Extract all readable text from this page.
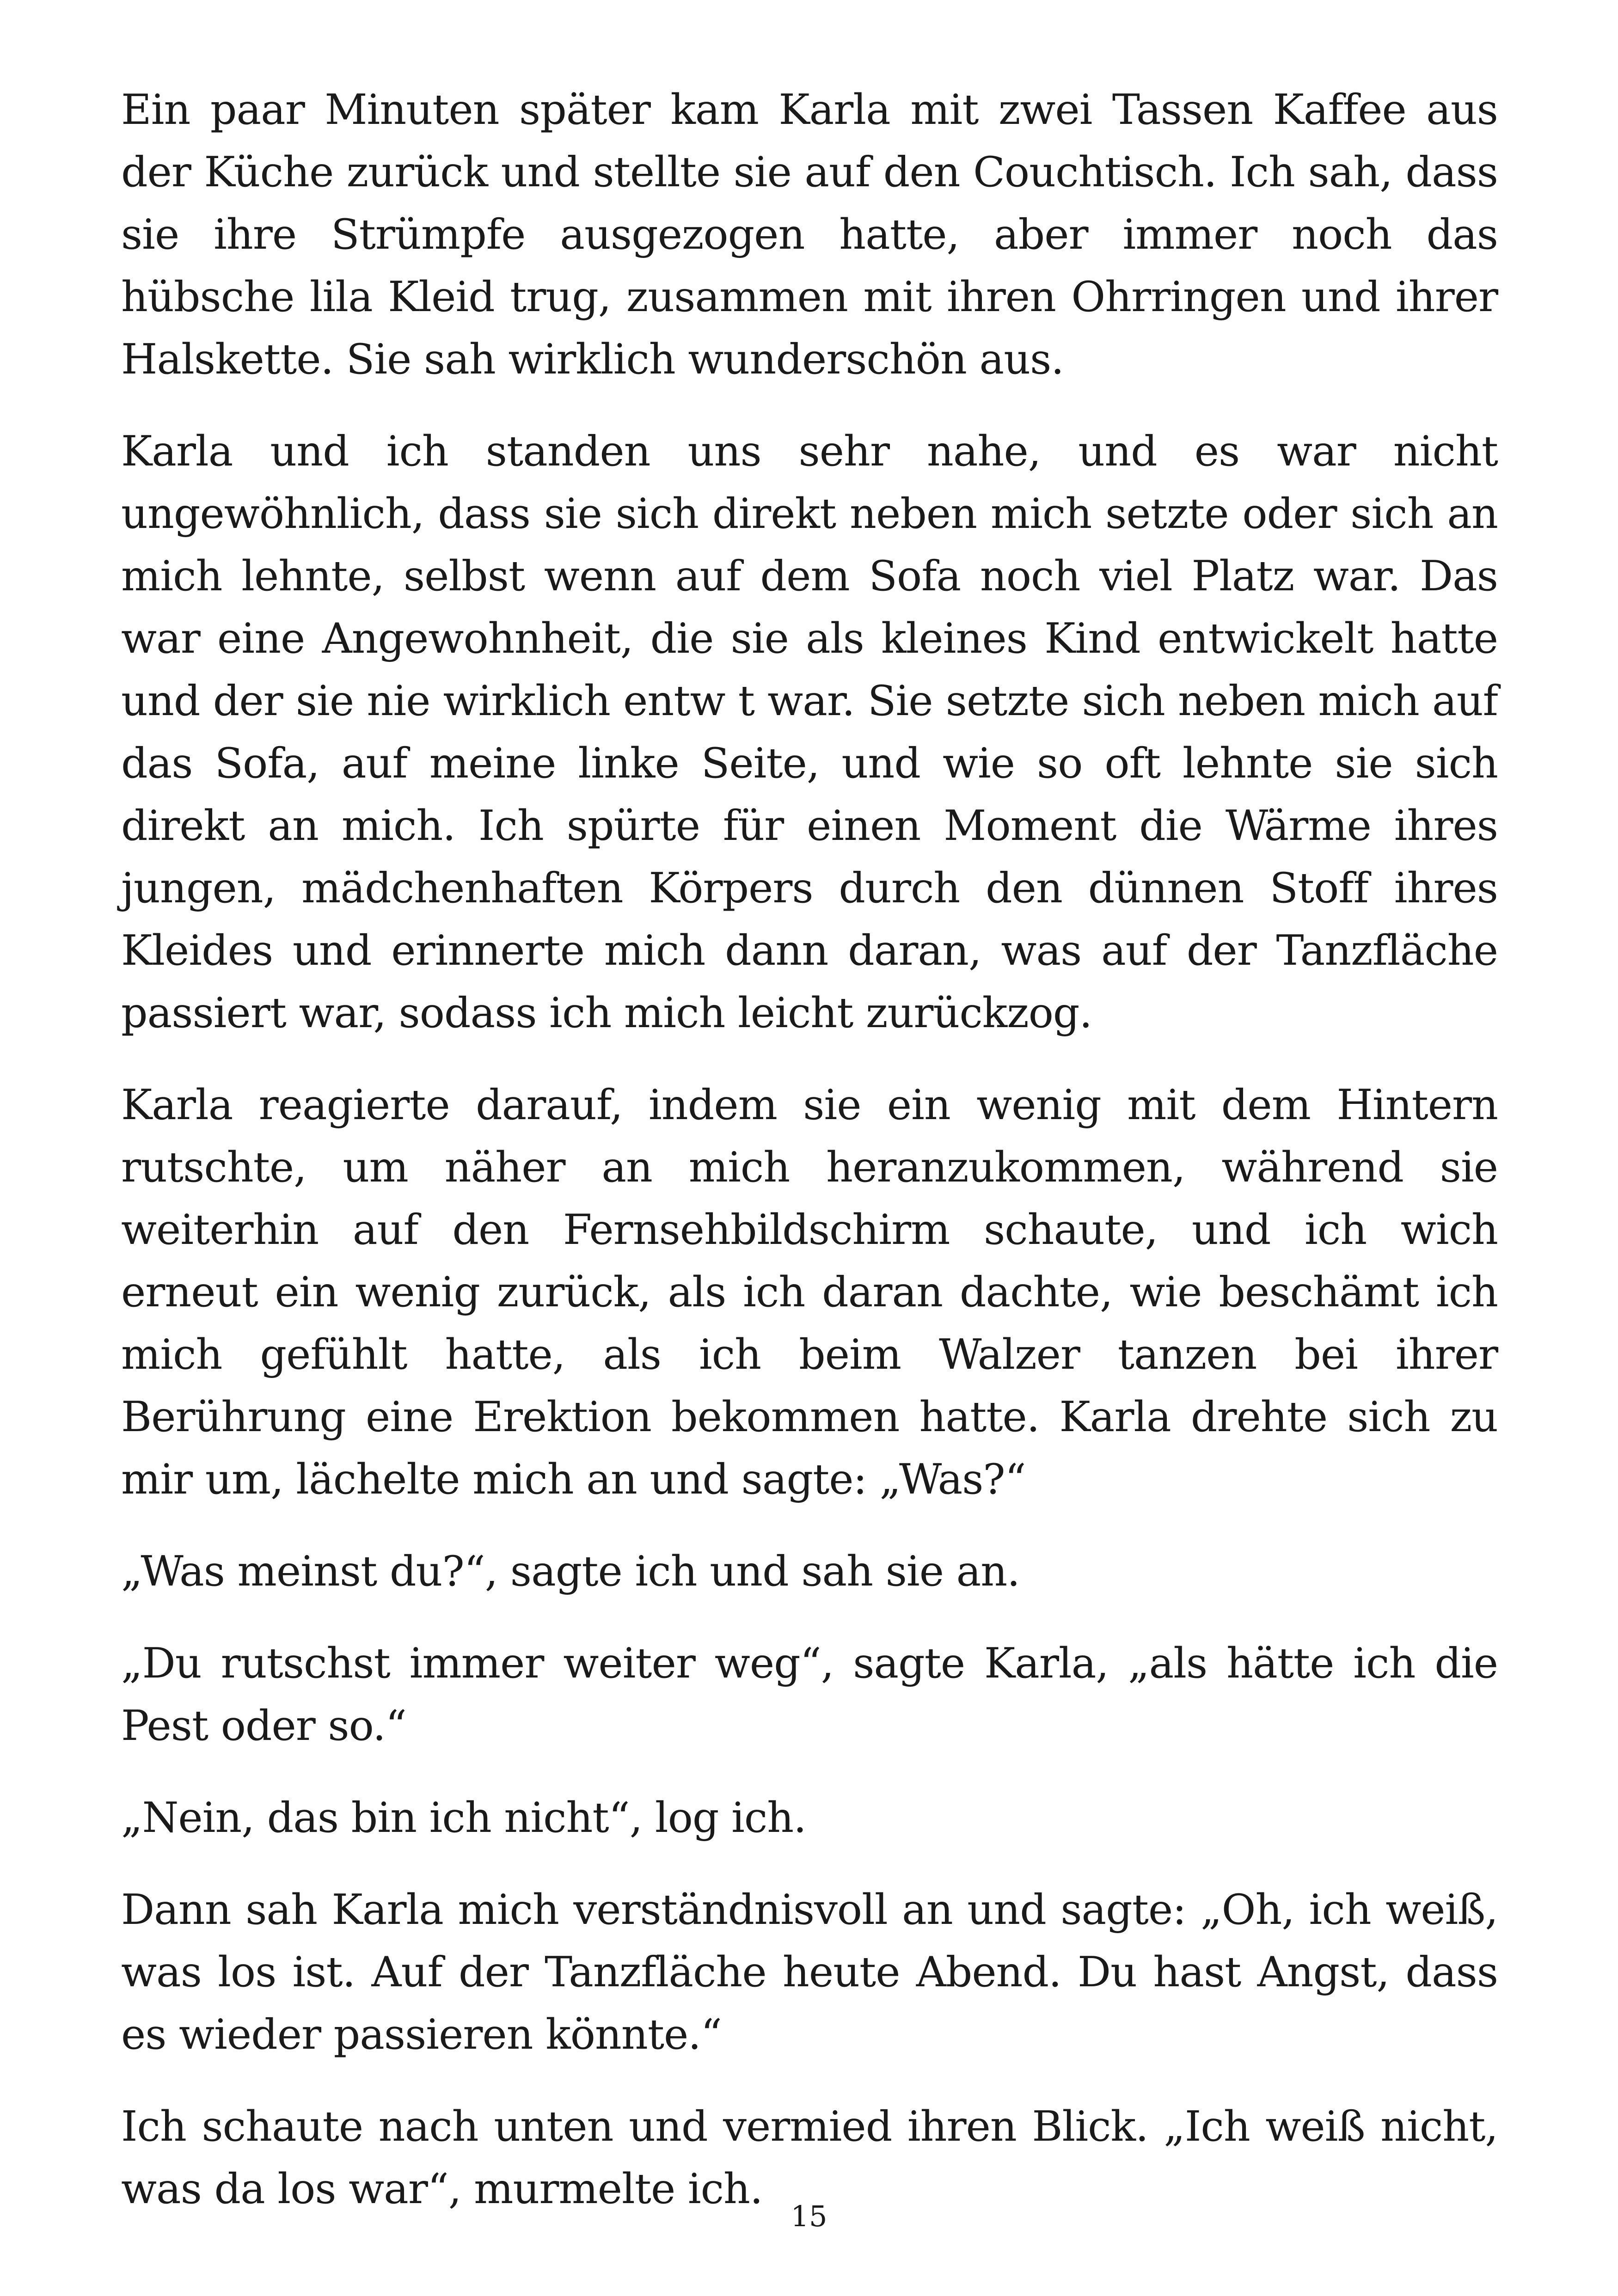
Ein paar Minuten später kam Karla mit zwei Tassen Kaffee aus der Küche zurück und stellte sie auf den Couchtisch. Ich sah, dass sie ihre Strümpfe ausgezogen hatte, aber immer noch das hübsche lila Kleid trug, zusammen mit ihren Ohrringen und ihrer Halskette. Sie sah wirklich wunderschön aus.

Karla und ich standen uns sehr nahe, und es war nicht ungewöhnlich, dass sie sich direkt neben mich setzte oder sich an mich lehnte, selbst wenn auf dem Sofa noch viel Platz war. Das war eine Angewohnheit, die sie als kleines Kind entwickelt hatte und der sie nie wirklich entw t war. Sie setzte sich neben mich auf das Sofa, auf meine linke Seite, und wie so oft lehnte sie sich direkt an mich. Ich spürte für einen Moment die Wärme ihres jungen, mädchenhaften Körpers durch den dünnen Stoff ihres Kleides und erinnerte mich dann daran, was auf der Tanzfläche passiert war, sodass ich mich leicht zurückzog.

Karla reagierte darauf, indem sie ein wenig mit dem Hintern rutschte, um näher an mich heranzukommen, während sie weiterhin auf den Fernsehbildschirm schaute, und ich wich erneut ein wenig zurück, als ich daran dachte, wie beschämt ich mich gefühlt hatte, als ich beim Walzer tanzen bei ihrer Berührung eine Erektion bekommen hatte. Karla drehte sich zu mir um, lächelte mich an und sagte: „Was?“

„Was meinst du?“, sagte ich und sah sie an.

„Du rutschst immer weiter weg“, sagte Karla, „als hätte ich die Pest oder so.“

„Nein, das bin ich nicht“, log ich.

Dann sah Karla mich verständnisvoll an und sagte: „Oh, ich weiß, was los ist. Auf der Tanzfläche heute Abend. Du hast Angst, dass es wieder passieren könnte.“

Ich schaute nach unten und vermied ihren Blick. „Ich weiß nicht, was da los war“, murmelte ich.

15
